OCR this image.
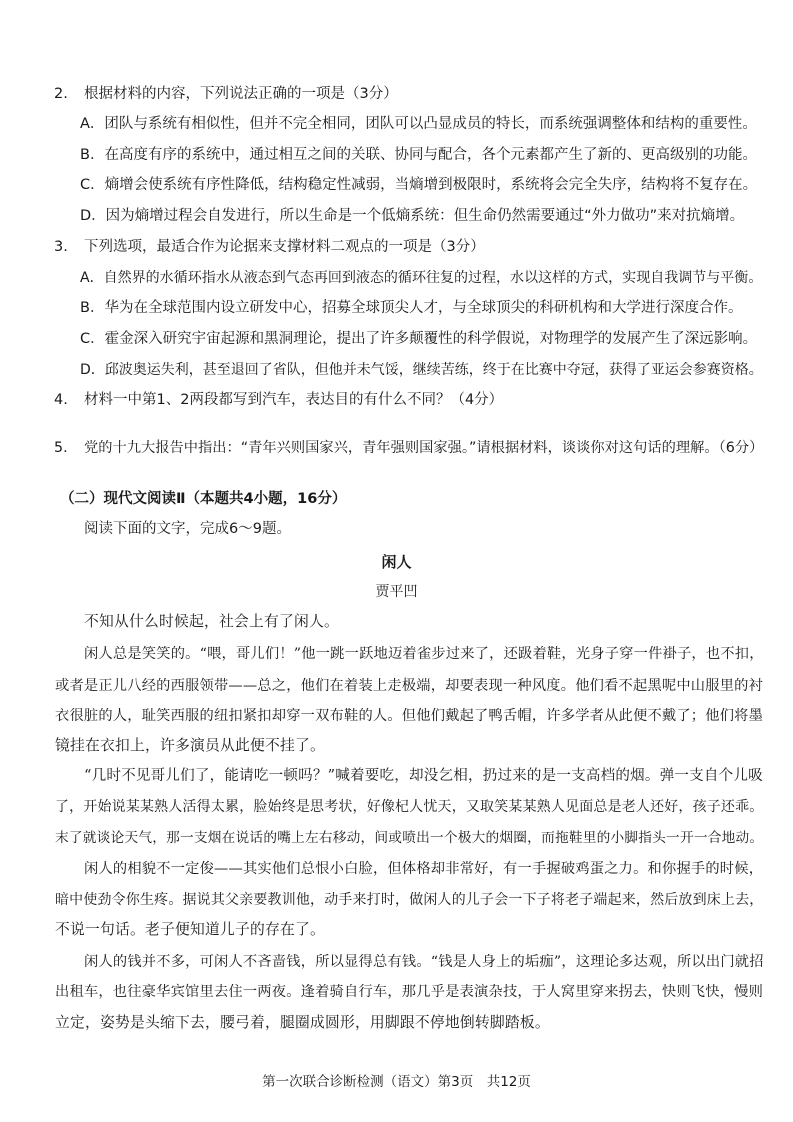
2. 根据材料的内容，下列说法正确的一项是（3分）
A．团队与系统有相似性，但并不完全相同，团队可以凸显成员的特长，而系统强调整体和结构的重要性。
B．在高度有序的系统中，通过相互之间的关联、协同与配合，各个元素都产生了新的、更高级别的功能。
C．熵增会使系统有序性降低，结构稳定性减弱，当熵增到极限时，系统将会完全失序，结构将不复存在。
D．因为熵增过程会自发进行，所以生命是一个低熵系统：但生命仍然需要通过“外力做功”来对抗熵增。
3. 下列选项，最适合作为论据来支撑材料二观点的一项是（3分）
A．自然界的水循环指水从液态到气态再回到液态的循环往复的过程，水以这样的方式，实现自我调节与平衡。
B．华为在全球范围内设立研发中心，招募全球顶尖人才，与全球顶尖的科研机构和大学进行深度合作。
C．霍金深入研究宇宙起源和黑洞理论，提出了许多颠覆性的科学假说，对物理学的发展产生了深远影响。
D．邱波奥运失利，甚至退回了省队，但他并未气馁，继续苦练，终于在比赛中夺冠，获得了亚运会参赛资格。
4. 材料一中第1、2两段都写到汽车，表达目的有什么不同？（4分）
5. 党的十九大报告中指出：“青年兴则国家兴，青年强则国家强。”请根据材料，谈谈你对这句话的理解。（6分）
（二）现代文阅读Ⅱ（本题共4小题，16分）
阅读下面的文字，完成6～9题。
闲人
贾平凹
不知从什么时候起，社会上有了闲人。
闲人总是笑笑的。“喂，哥儿们！”他一跳一跃地迈着雀步过来了，还趿着鞋，光身子穿一件褂子，也不扣，
或者是正儿八经的西服领带——总之，他们在着装上走极端，却要表现一种风度。他们看不起黑呢中山服里的衬
衣很脏的人，耻笑西服的纽扣紧扣却穿一双布鞋的人。但他们戴起了鸭舌帽，许多学者从此便不戴了；他们将墨
镜挂在衣扣上，许多演员从此便不挂了。
“几时不见哥儿们了，能请吃一顿吗？”喊着要吃，却没乞相，扔过来的是一支高档的烟。弹一支自个儿吸
了，开始说某某熟人活得太累，脸始终是思考状，好像杞人忧天，又取笑某某熟人见面总是老人还好，孩子还乖。
末了就谈论天气，那一支烟在说话的嘴上左右移动，间或喷出一个极大的烟圈，而拖鞋里的小脚指头一开一合地动。
闲人的相貌不一定俊——其实他们总恨小白脸，但体格却非常好，有一手握破鸡蛋之力。和你握手的时候，
暗中使劲令你生疼。据说其父亲要教训他，动手来打时，做闲人的儿子会一下子将老子端起来，然后放到床上去，
不说一句话。老子便知道儿子的存在了。
闲人的钱并不多，可闲人不吝啬钱，所以显得总有钱。“钱是人身上的垢痂”，这理论多达观，所以出门就招
出租车，也往豪华宾馆里去住一两夜。逢着骑自行车，那几乎是表演杂技，于人窝里穿来拐去，快则飞快，慢则
立定，姿势是头缩下去，腰弓着，腿圈成圆形，用脚跟不停地倒转脚踏板。
第一次联合诊断检测（语文）第3页　共12页
